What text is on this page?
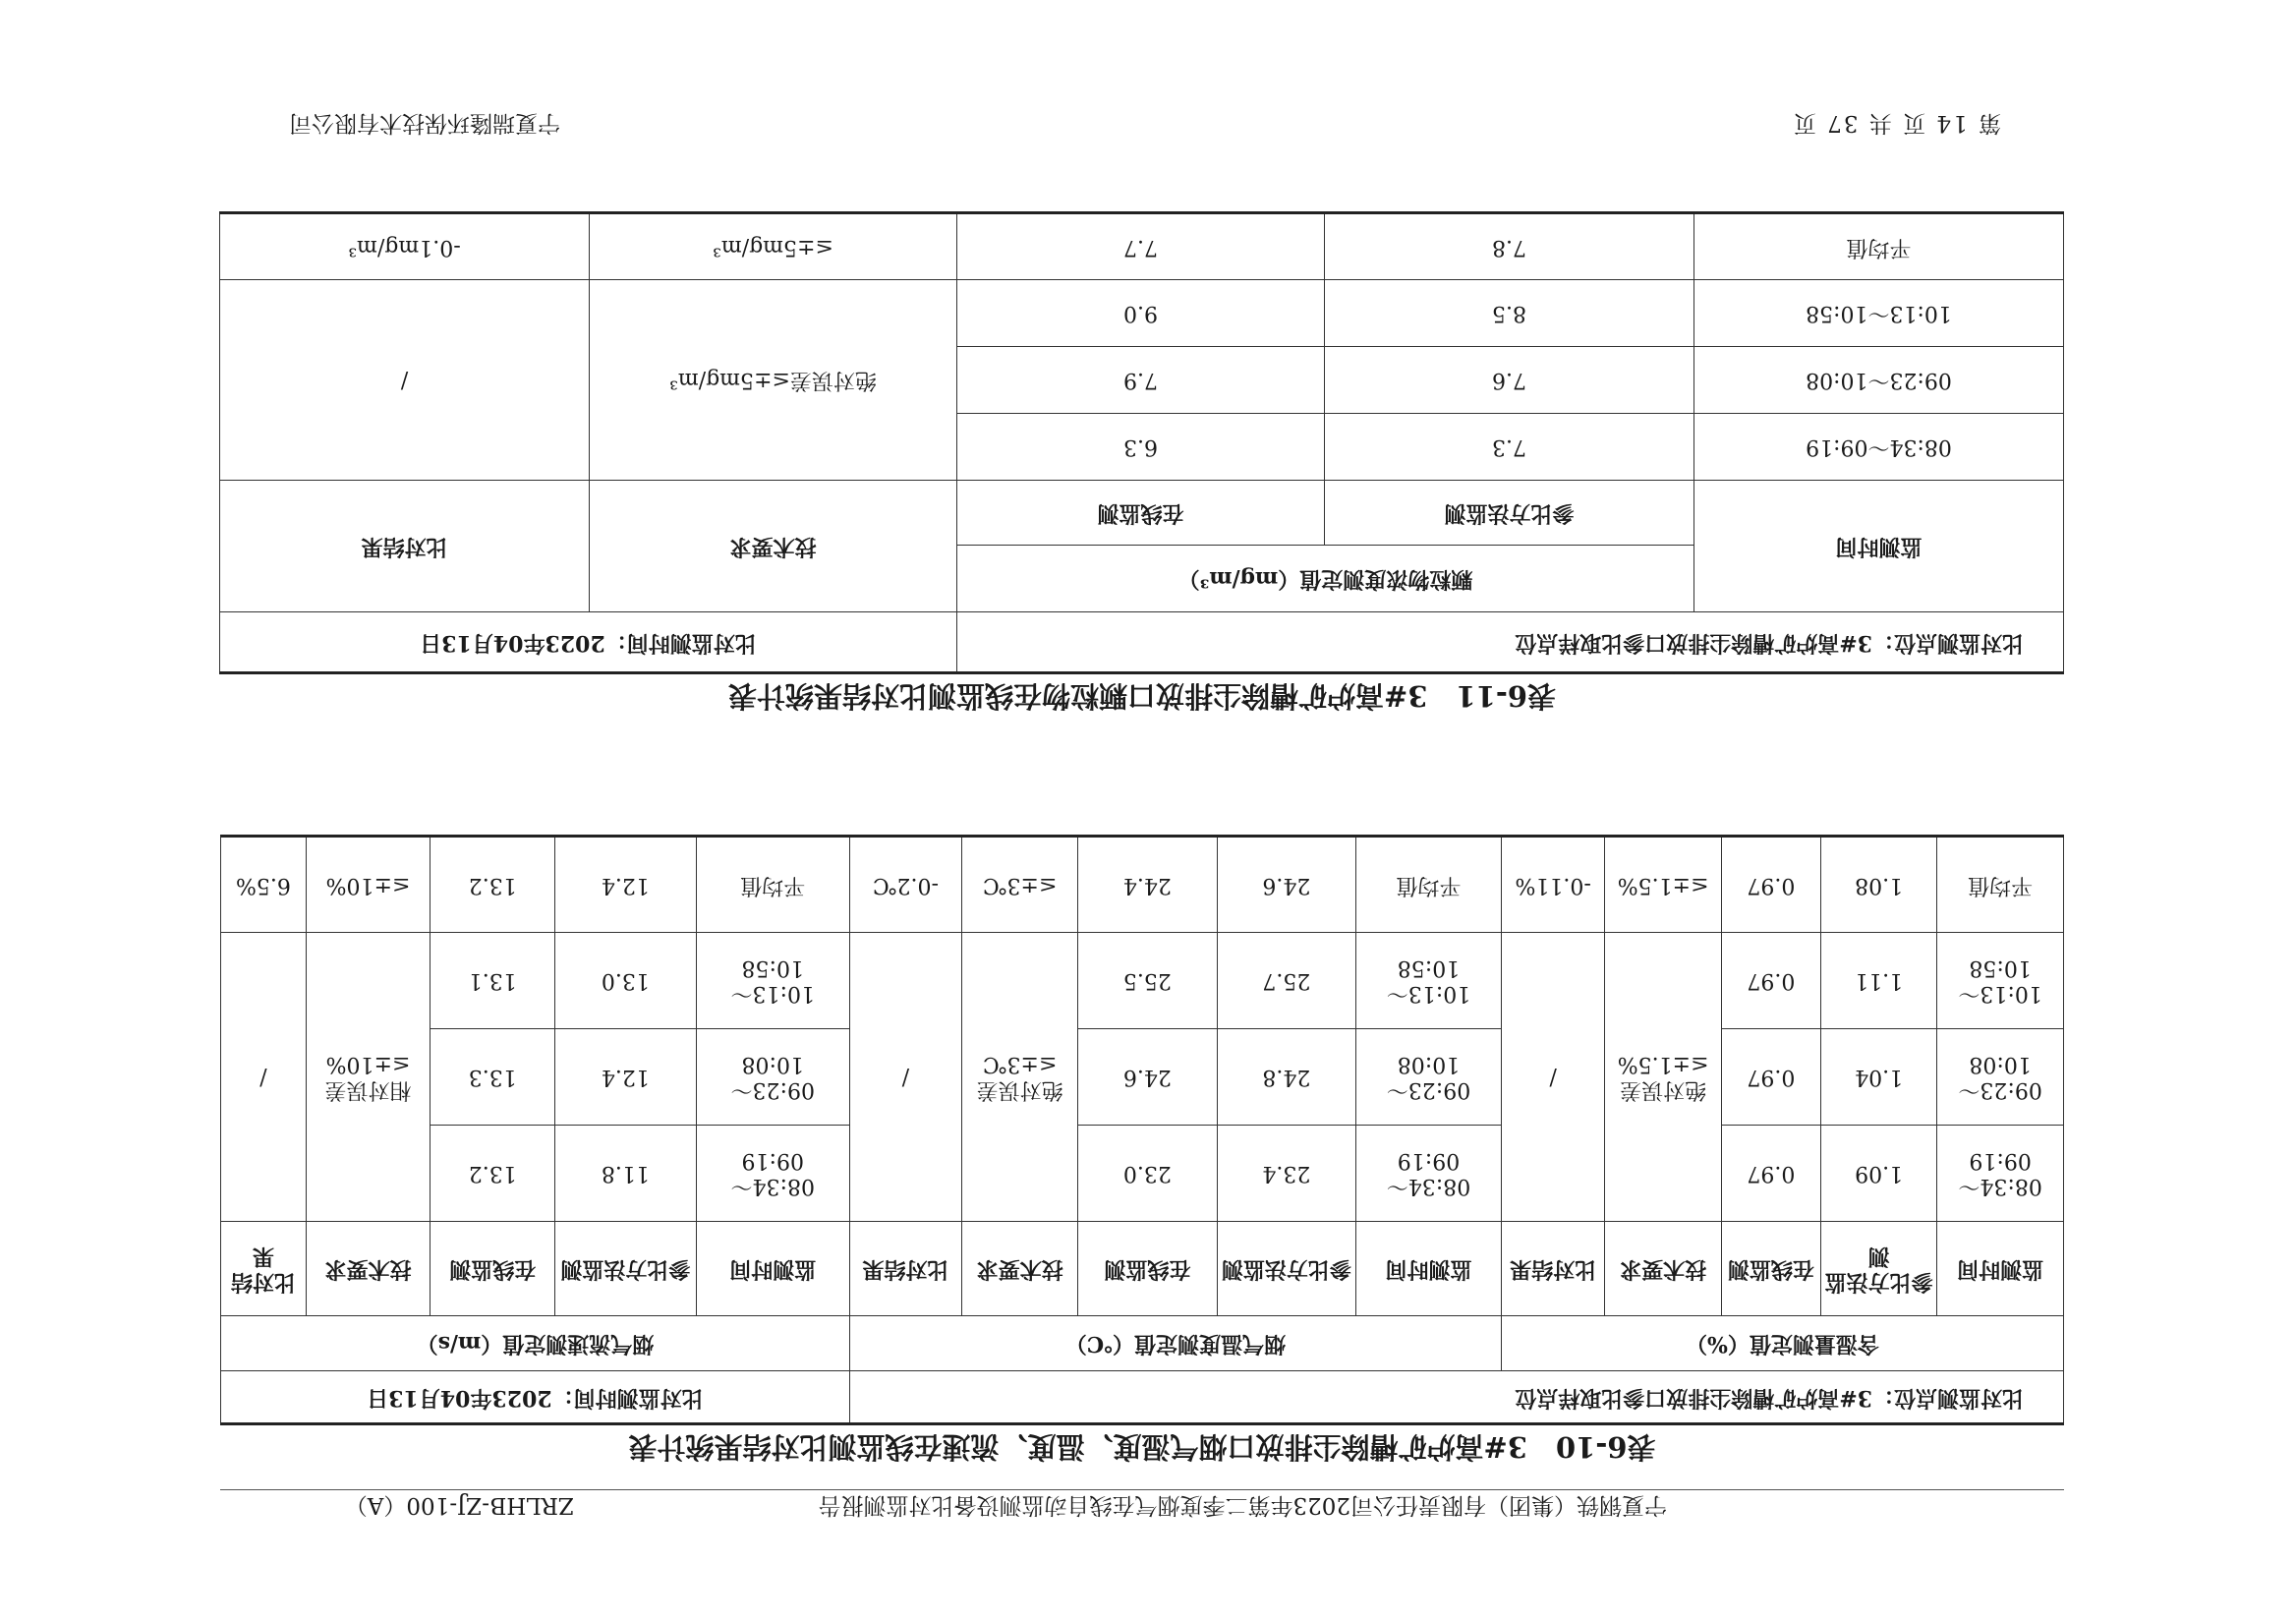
ZRLHB-ZJ-100（A）	宁夏钢铁（集团）有限责任公司2023年第二季度烟气在线自动监测设备比对监测报告
表6-10　3#高炉矿槽除尘排放口烟气湿度、温度、流速在线监测比对结果统计表
比对监测点位：3#高炉矿槽除尘排放口参比取样点位										比对监测时间：2023年04月13日				
含湿量测定值（%）					烟气温度测定值（℃）					烟气流速测定值（m/s）				
监测时间	参比方法监测	在线监测	技术要求	比对结果	监测时间	参比方法监测	在线监测	技术要求	比对结果	监测时间	参比方法监测	在线监测	技术要求	比对结果

08:34～
09:19	1.09	0.97	绝对误差≤±1.5%	/	08:34～
09:19	23.4	23.0	绝对误差≤±3℃	/	08:34～
09:19	11.8	13.2	相对误差≤±10%	/

09:23～
10:08	1.04	0.97			09:23～
10:08	24.8	24.6			09:23～
10:08	12.4	13.3		

10:13～
10:58	1.11	0.97			10:13～
10:58	25.7	25.5			10:13～
10:58	13.0	13.1		
平均值	1.08	0.97	≤±1.5%	-0.11%	平均值	24.6	24.4	≤±3℃	-0.2℃	平均值	12.4	13.2	≤±10%	6.5%
表6-11　3#高炉矿槽除尘排放口颗粒物在线监测比对结果统计表
比对监测点位：3#高炉矿槽除尘排放口参比取样点位			比对监测时间：2023年04月13日	
监测时间	颗粒物浓度测定值（mg/m³）		技术要求	比对结果
	参比方法监测	在线监测		
08:34～09:19	7.3	6.3	绝对误差≤±5mg/m³	/
09:23～10:08	7.6	7.9		
10:13～10:58	8.5	9.0		
平均值	7.8	7.7	≤±5mg/m³	-0.1mg/m³
宁夏瑞隆环保技术有限公司	第 14 页 共 37 页
